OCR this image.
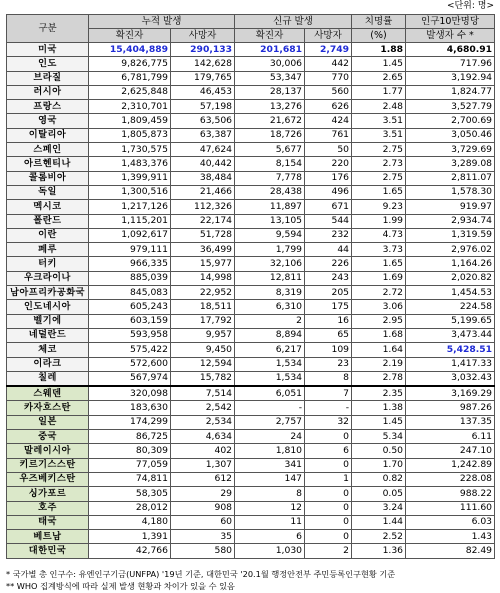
<단위: 명>
구분	누적 발생		신규 발생		치명률	인구10만명당
	확진자	사망자	확진자	사망자	(%)	발생자 수 *
미국	15,404,889	290,133	201,681	2,749	1.88	4,680.91
인도	9,826,775	142,628	30,006	442	1.45	717.96
브라질	6,781,799	179,765	53,347	770	2.65	3,192.94
러시아	2,625,848	46,453	28,137	560	1.77	1,824.77
프랑스	2,310,701	57,198	13,276	626	2.48	3,527.79
영국	1,809,459	63,506	21,672	424	3.51	2,700.69
이탈리아	1,805,873	63,387	18,726	761	3.51	3,050.46
스페인	1,730,575	47,624	5,677	50	2.75	3,729.69
아르헨티나	1,483,376	40,442	8,154	220	2.73	3,289.08
콜롬비아	1,399,911	38,484	7,778	176	2.75	2,811.07
독일	1,300,516	21,466	28,438	496	1.65	1,578.30
멕시코	1,217,126	112,326	11,897	671	9.23	919.97
폴란드	1,115,201	22,174	13,105	544	1.99	2,934.74
이란	1,092,617	51,728	9,594	232	4.73	1,319.59
페루	979,111	36,499	1,799	44	3.73	2,976.02
터키	966,335	15,977	32,106	226	1.65	1,164.26
우크라이나	885,039	14,998	12,811	243	1.69	2,020.82
남아프리카공화국	845,083	22,952	8,319	205	2.72	1,454.53
인도네시아	605,243	18,511	6,310	175	3.06	224.58
벨기에	603,159	17,792	2	16	2.95	5,199.65
네덜란드	593,958	9,957	8,894	65	1.68	3,473.44
체코	575,422	9,450	6,217	109	1.64	5,428.51
이라크	572,600	12,594	1,534	23	2.19	1,417.33
칠레	567,974	15,782	1,534	8	2.78	3,032.43
스웨덴	320,098	7,514	6,051	7	2.35	3,169.29
카자흐스탄	183,630	2,542	-	-	1.38	987.26
일본	174,299	2,534	2,757	32	1.45	137.35
중국	86,725	4,634	24	0	5.34	6.11
말레이시아	80,309	402	1,810	6	0.50	247.10
키르기스스탄	77,059	1,307	341	0	1.70	1,242.89
우즈베키스탄	74,811	612	147	1	0.82	228.08
싱가포르	58,305	29	8	0	0.05	988.22
호주	28,012	908	12	0	3.24	111.60
태국	4,180	60	11	0	1.44	6.03
베트남	1,391	35	6	0	2.52	1.43
대한민국	42,766	580	1,030	2	1.36	82.49
* 국가별 총 인구수: 유엔인구기금(UNFPA) '19년 기준, 대한민국 '20.1월 행정안전부 주민등록인구현황 기준
** WHO 집계방식에 따라 실제 발생 현황과 차이가 있을 수 있음
